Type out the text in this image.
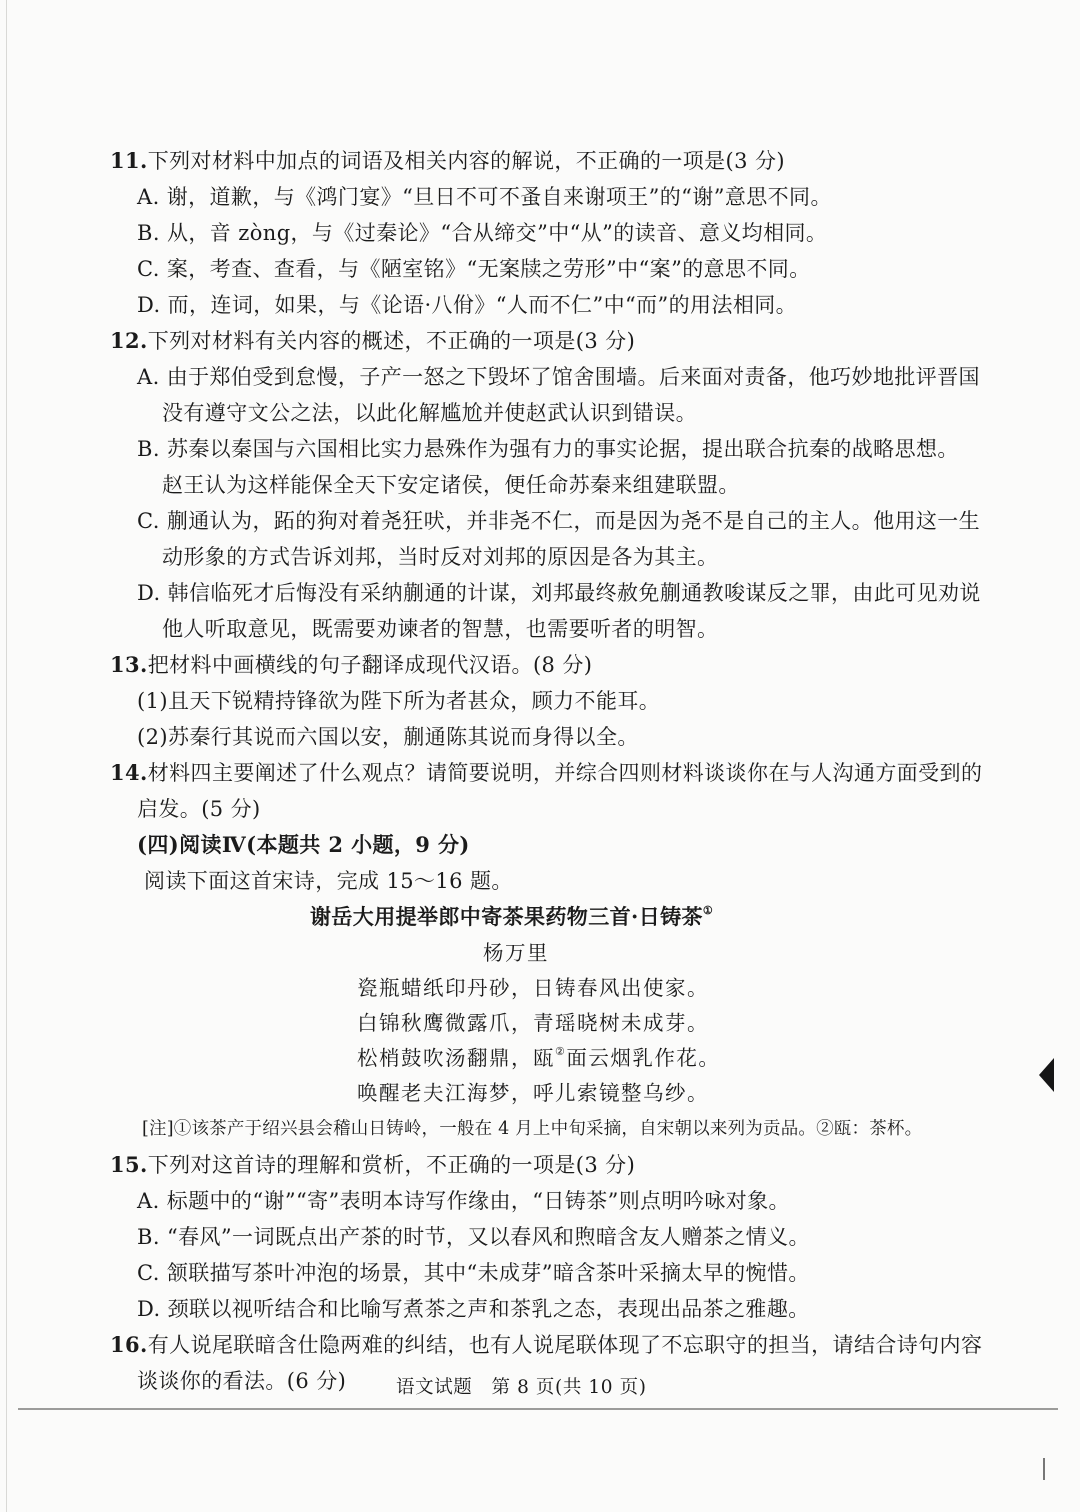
11.下列对材料中加点的词语及相关内容的解说，不正确的一项是(3 分)
A. 谢，道歉，与《鸿门宴》“旦日不可不蚤自来谢项王”的“谢”意思不同。
B. 从，音 zòng，与《过秦论》“合从缔交”中“从”的读音、意义均相同。
C. 案，考查、查看，与《陋室铭》“无案牍之劳形”中“案”的意思不同。
D. 而，连词，如果，与《论语·八佾》“人而不仁”中“而”的用法相同。
12.下列对材料有关内容的概述，不正确的一项是(3 分)
A. 由于郑伯受到怠慢，子产一怒之下毁坏了馆舍围墙。后来面对责备，他巧妙地批评晋国
没有遵守文公之法，以此化解尴尬并使赵武认识到错误。
B. 苏秦以秦国与六国相比实力悬殊作为强有力的事实论据，提出联合抗秦的战略思想。
赵王认为这样能保全天下安定诸侯，便任命苏秦来组建联盟。
C. 蒯通认为，跖的狗对着尧狂吠，并非尧不仁，而是因为尧不是自己的主人。他用这一生
动形象的方式告诉刘邦，当时反对刘邦的原因是各为其主。
D. 韩信临死才后悔没有采纳蒯通的计谋，刘邦最终赦免蒯通教唆谋反之罪，由此可见劝说
他人听取意见，既需要劝谏者的智慧，也需要听者的明智。
13.把材料中画横线的句子翻译成现代汉语。(8 分)
(1)且天下锐精持锋欲为陛下所为者甚众，顾力不能耳。
(2)苏秦行其说而六国以安，蒯通陈其说而身得以全。
14.材料四主要阐述了什么观点？请简要说明，并综合四则材料谈谈你在与人沟通方面受到的
启发。(5 分)
(四)阅读Ⅳ(本题共 2 小题，9 分)
阅读下面这首宋诗，完成 15～16 题。
谢岳大用提举郎中寄茶果药物三首·日铸茶①
杨万里
瓷瓶蜡纸印丹砂，日铸春风出使家。
白锦秋鹰微露爪，青瑶晓树未成芽。
松梢鼓吹汤翻鼎，瓯②面云烟乳作花。
唤醒老夫江海梦，呼儿索镜整乌纱。
[注]①该茶产于绍兴县会稽山日铸岭，一般在 4 月上中旬采摘，自宋朝以来列为贡品。②瓯：茶杯。
15.下列对这首诗的理解和赏析，不正确的一项是(3 分)
A. 标题中的“谢”“寄”表明本诗写作缘由，“日铸茶”则点明吟咏对象。
B. “春风”一词既点出产茶的时节，又以春风和煦暗含友人赠茶之情义。
C. 颔联描写茶叶冲泡的场景，其中“未成芽”暗含茶叶采摘太早的惋惜。
D. 颈联以视听结合和比喻写煮茶之声和茶乳之态，表现出品茶之雅趣。
16.有人说尾联暗含仕隐两难的纠结，也有人说尾联体现了不忘职守的担当，请结合诗句内容
谈谈你的看法。(6 分)	语文试题　第 8 页(共 10 页)
